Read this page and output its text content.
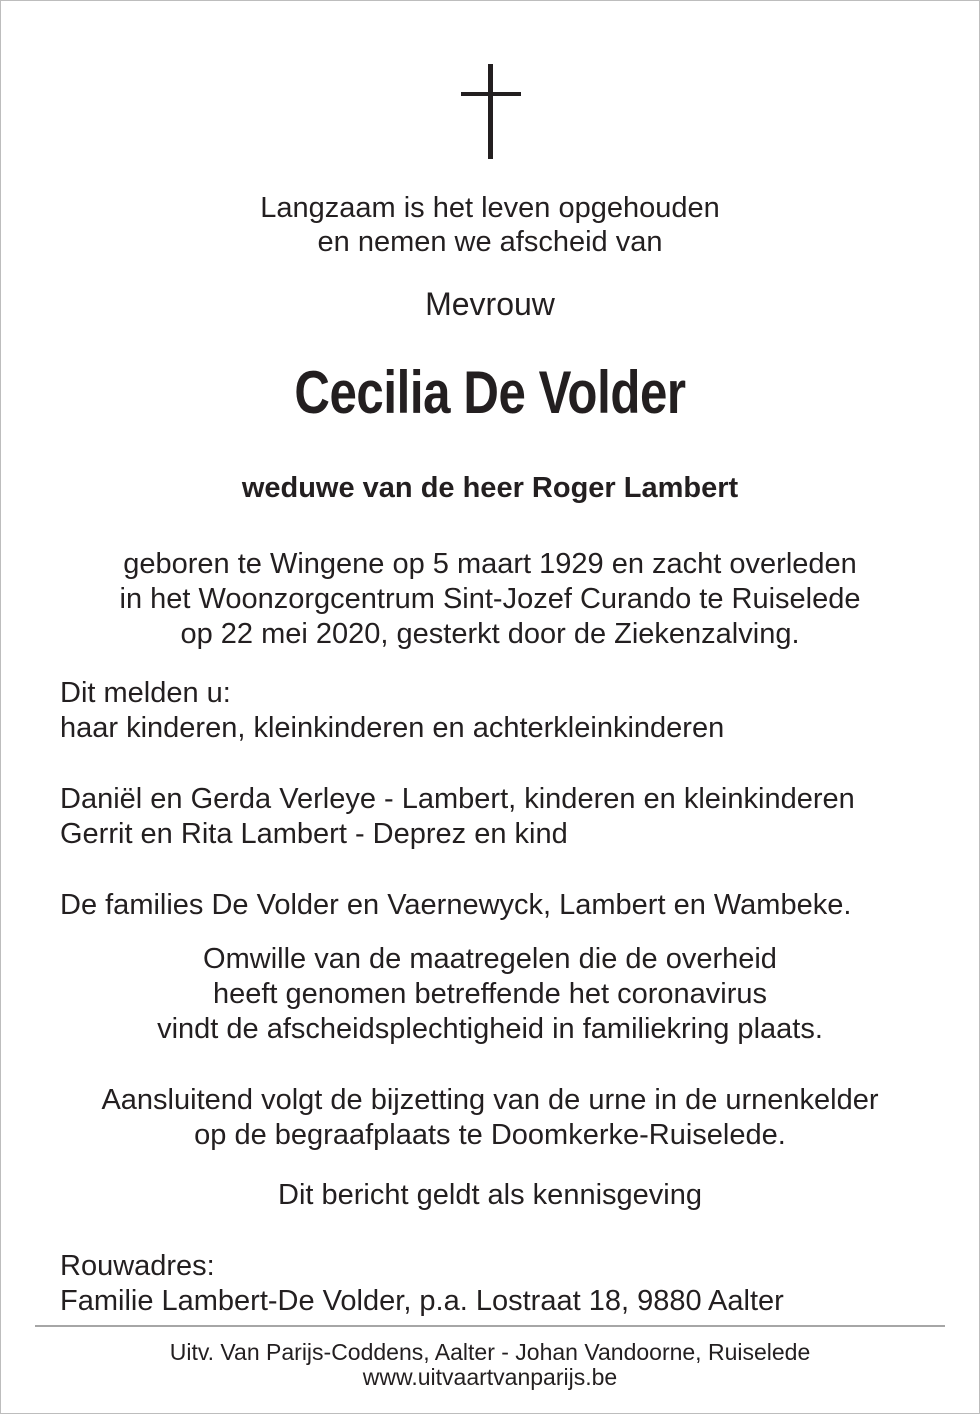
Langzaam is het leven opgehouden
en nemen we afscheid van
Mevrouw
Cecilia De Volder
weduwe van de heer Roger Lambert
geboren te Wingene op 5 maart 1929 en zacht overleden
in het Woonzorgcentrum Sint-Jozef Curando te Ruiselede
op 22 mei 2020, gesterkt door de Ziekenzalving.
Dit melden u:
haar kinderen, kleinkinderen en achterkleinkinderen
Daniël en Gerda Verleye - Lambert, kinderen en kleinkinderen
Gerrit en Rita Lambert - Deprez en kind
De families De Volder en Vaernewyck, Lambert en Wambeke.
Omwille van de maatregelen die de overheid
heeft genomen betreffende het coronavirus
vindt de afscheidsplechtigheid in familiekring plaats.
Aansluitend volgt de bijzetting van de urne in de urnenkelder
op de begraafplaats te Doomkerke-Ruiselede.
Dit bericht geldt als kennisgeving
Rouwadres:
Familie Lambert-De Volder, p.a. Lostraat 18, 9880 Aalter
Uitv. Van Parijs-Coddens, Aalter - Johan Vandoorne, Ruiselede
www.uitvaartvanparijs.be
